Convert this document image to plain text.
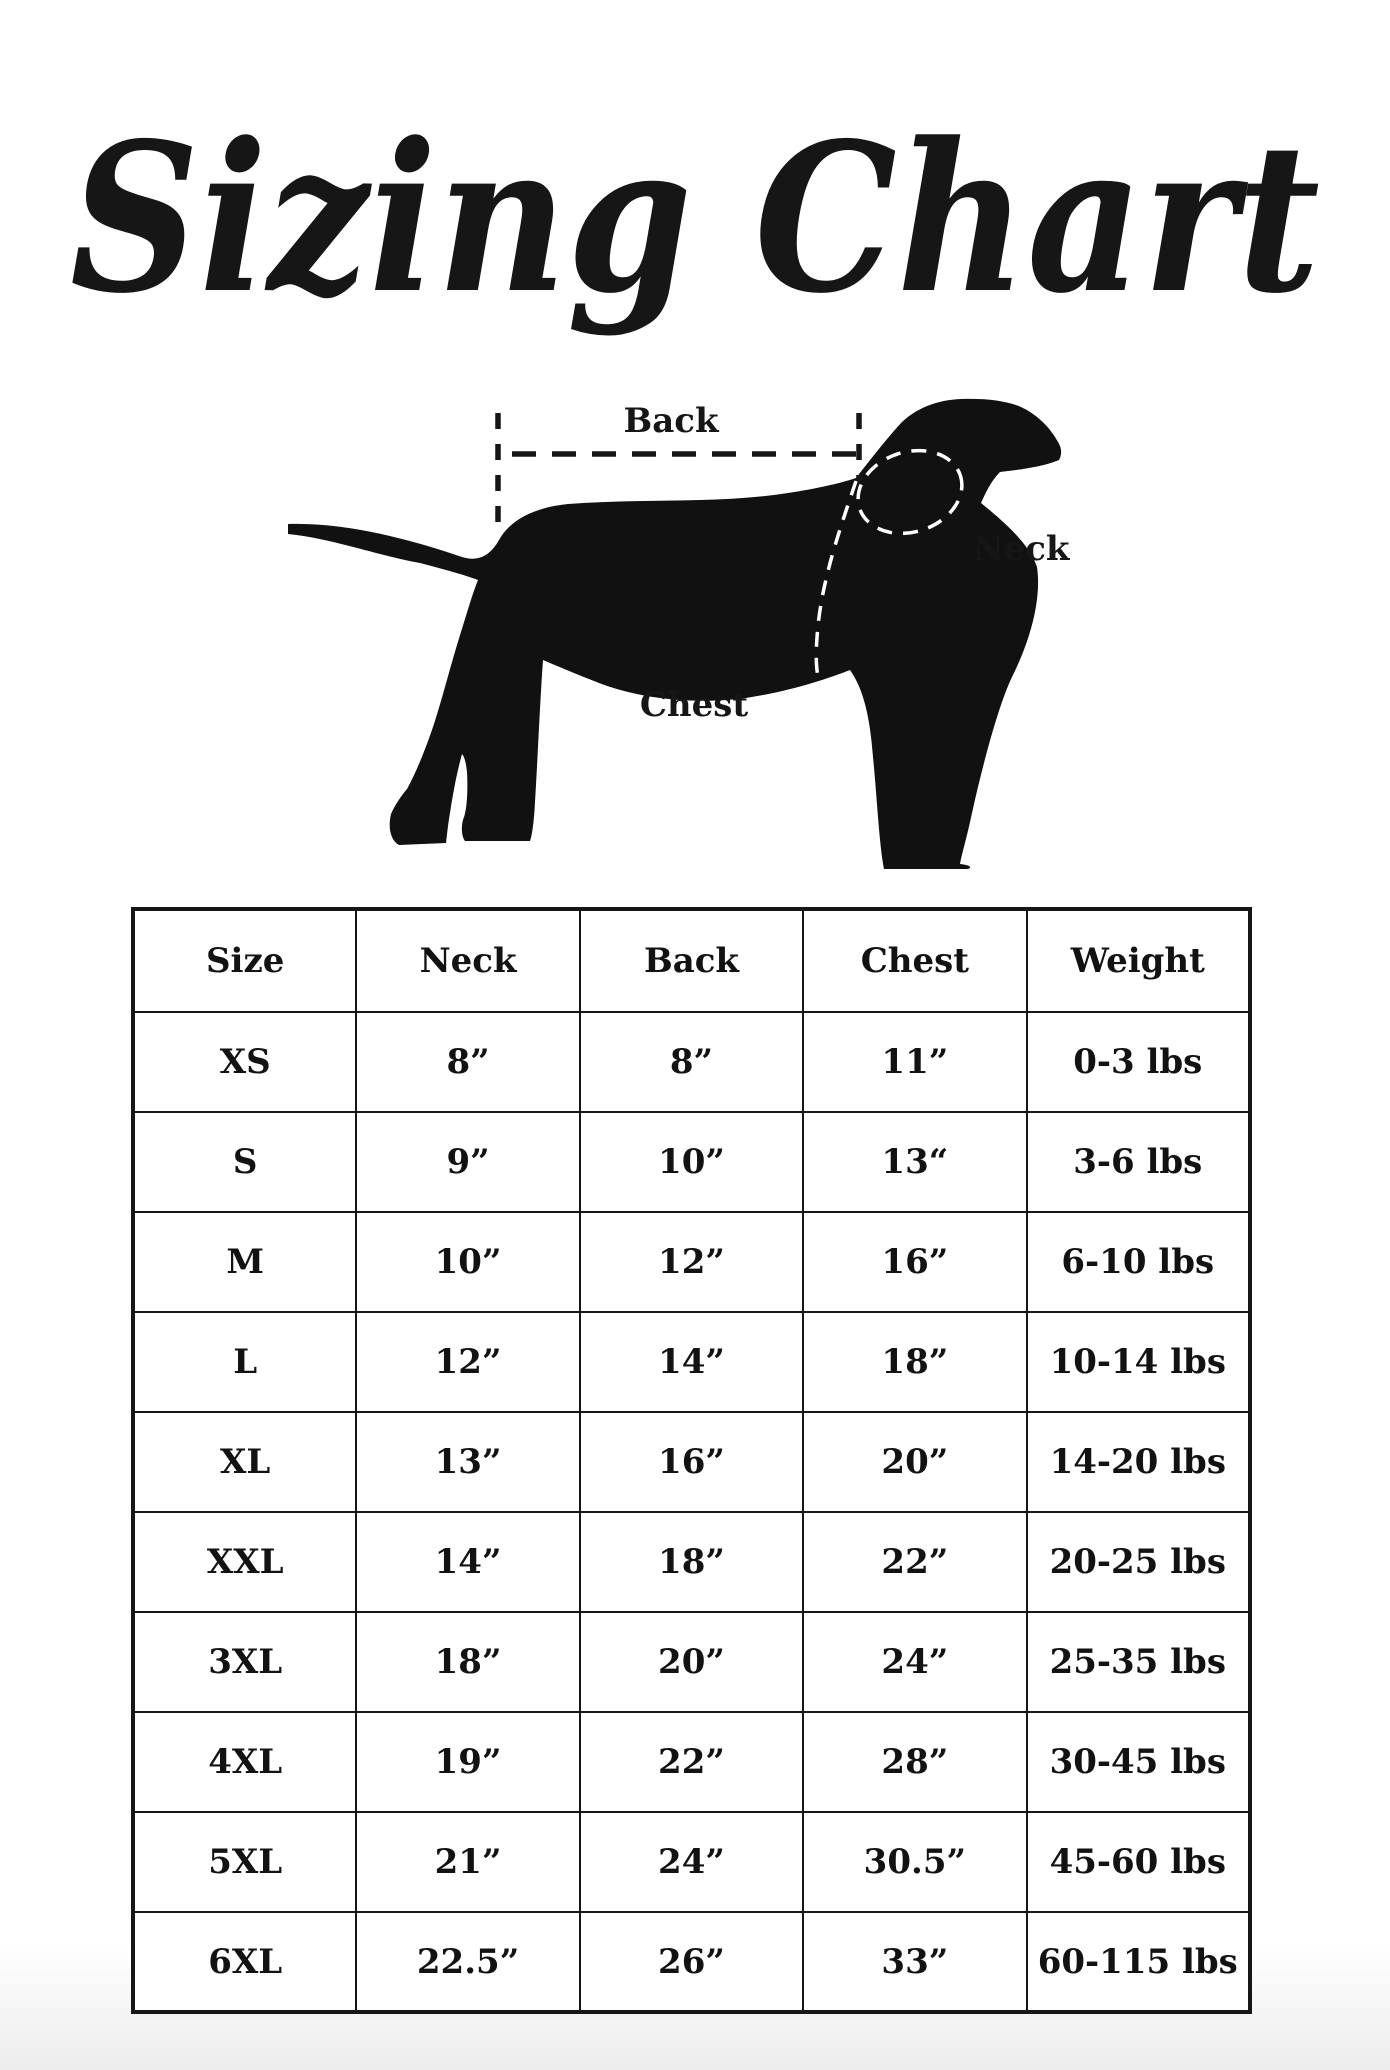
Sizing Chart
Back
Neck
Chest
Size	Neck	Back	Chest	Weight
XS	8”	8”	11”	0-3 lbs
S	9”	10”	13“	3-6 lbs
M	10”	12”	16”	6-10 lbs
L	12”	14”	18”	10-14 lbs
XL	13”	16”	20”	14-20 lbs
XXL	14”	18”	22”	20-25 lbs
3XL	18”	20”	24”	25-35 lbs
4XL	19”	22”	28”	30-45 lbs
5XL	21”	24”	30.5”	45-60 lbs
6XL	22.5”	26”	33”	60-115 lbs
